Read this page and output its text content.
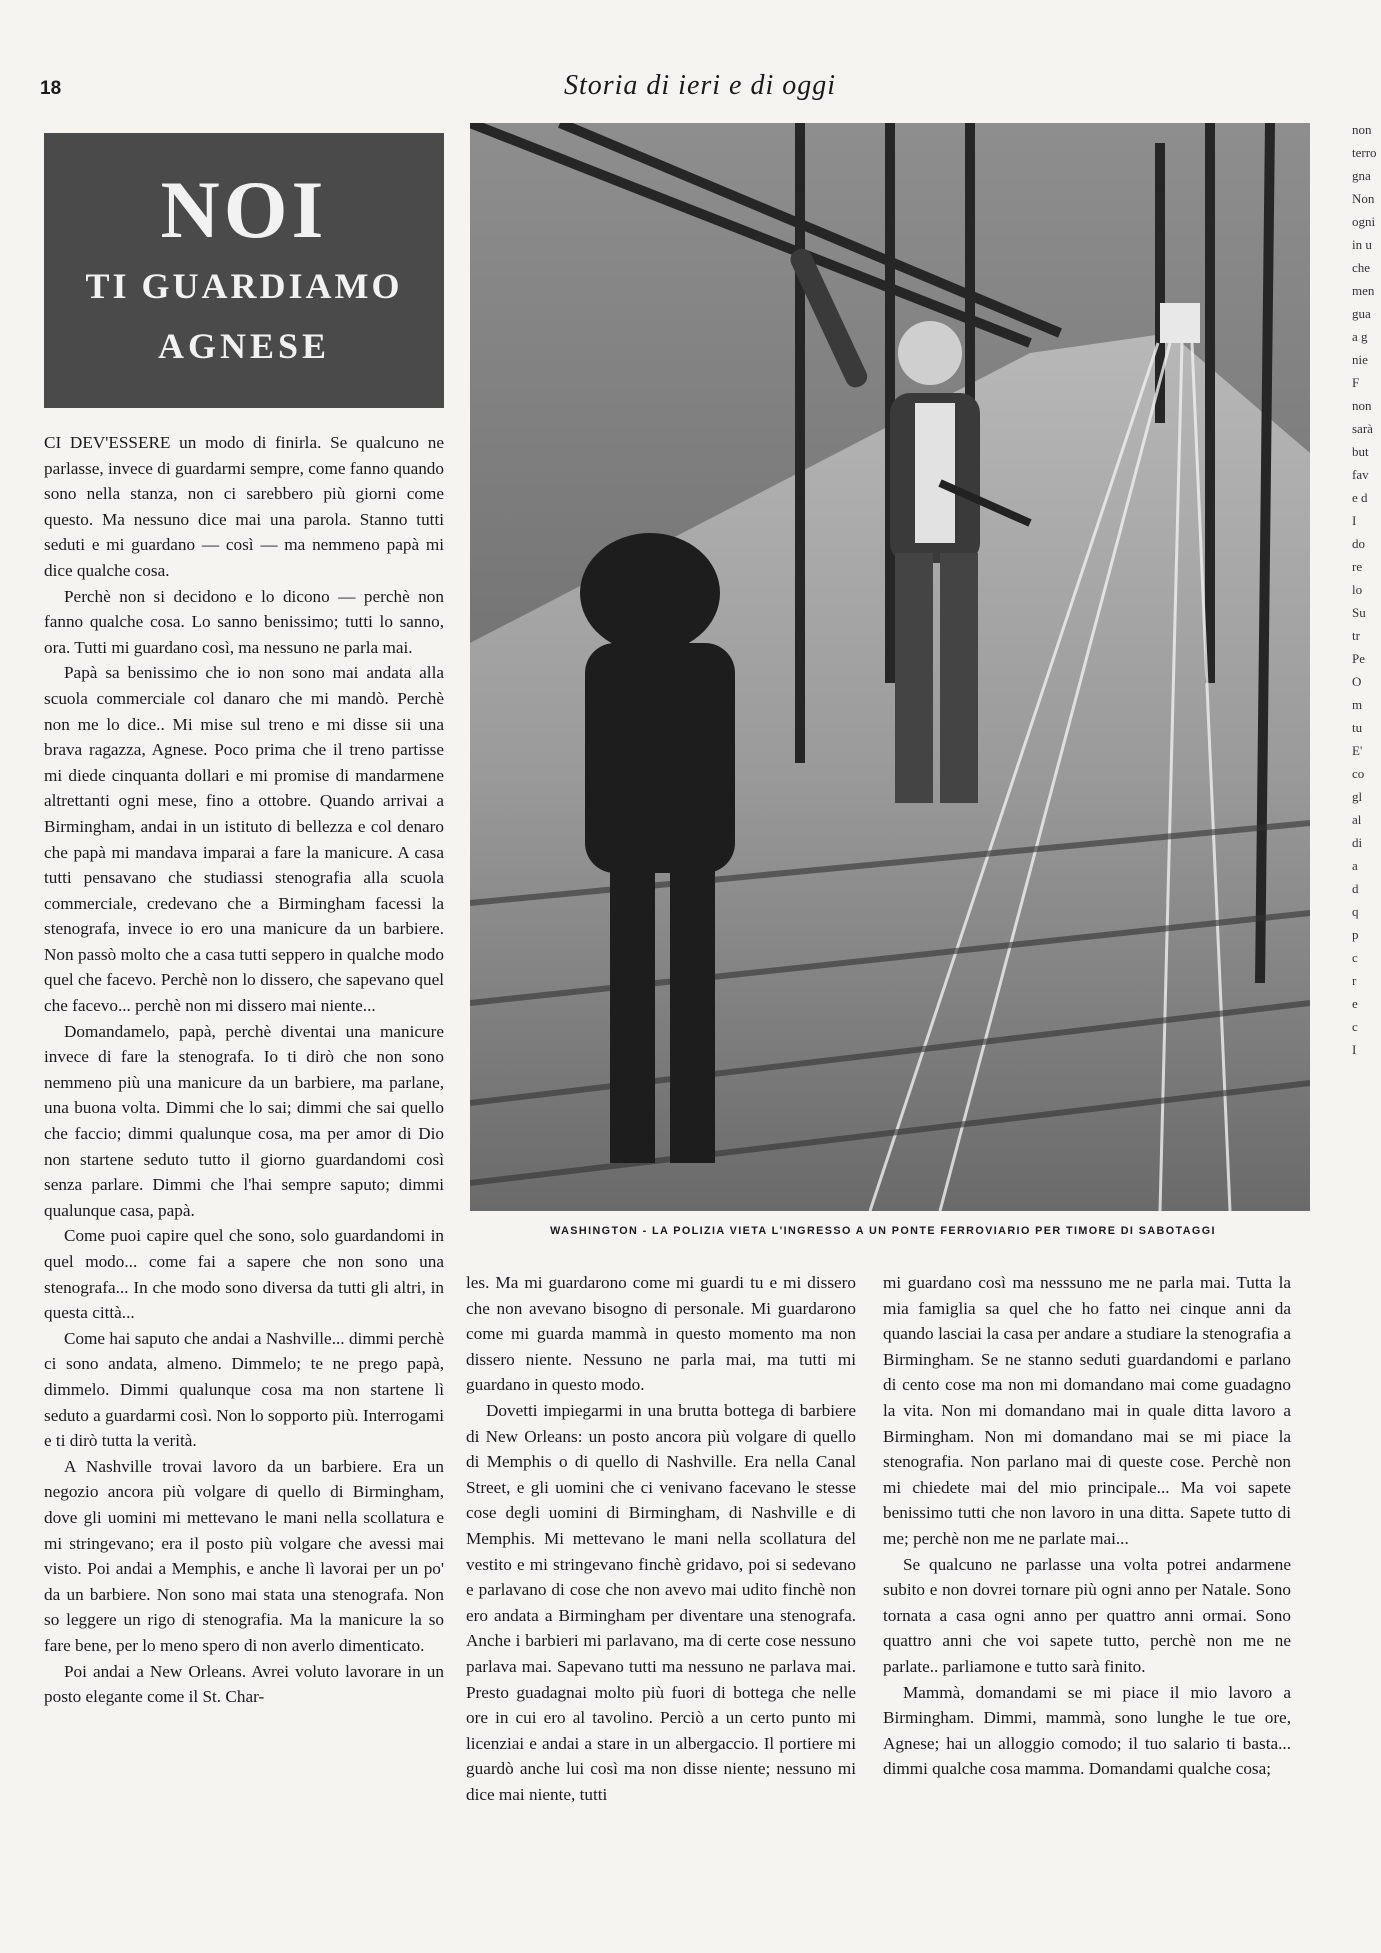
18	Storia di ieri e di oggi
NOI
TI GUARDIAMO
AGNESE

CI DEV'ESSERE un modo di finirla. Se qualcuno ne parlasse, invece di guardarmi sempre, come fanno quando sono nella stanza, non ci sarebbero più giorni come questo. Ma nessuno dice mai una parola. Stanno tutti seduti e mi guardano — così — ma nemmeno papà mi dice qualche cosa.

Perchè non si decidono e lo dicono — perchè non fanno qualche cosa. Lo sanno benissimo; tutti lo sanno, ora. Tutti mi guardano così, ma nessuno ne parla mai.

Papà sa benissimo che io non sono mai andata alla scuola commerciale col danaro che mi mandò. Perchè non me lo dice.. Mi mise sul treno e mi disse sii una brava ragazza, Agnese. Poco prima che il treno partisse mi diede cinquanta dollari e mi promise di mandarmene altrettanti ogni mese, fino a ottobre. Quando arrivai a Birmingham, andai in un istituto di bellezza e col denaro che papà mi mandava imparai a fare la manicure. A casa tutti pensavano che studiassi stenografia alla scuola commerciale, credevano che a Birmingham facessi la stenografa, invece io ero una manicure da un barbiere. Non passò molto che a casa tutti seppero in qualche modo quel che facevo. Perchè non lo dissero, che sapevano quel che facevo... perchè non mi dissero mai niente...

Domandamelo, papà, perchè diventai una manicure invece di fare la stenografa. Io ti dirò che non sono nemmeno più una manicure da un barbiere, ma parlane, una buona volta. Dimmi che lo sai; dimmi che sai quello che faccio; dimmi qualunque cosa, ma per amor di Dio non startene seduto tutto il giorno guardandomi così senza parlare. Dimmi che l'hai sempre saputo; dimmi qualunque casa, papà.

Come puoi capire quel che sono, solo guardandomi in quel modo... come fai a sapere che non sono una stenografa... In che modo sono diversa da tutti gli altri, in questa città...

Come hai saputo che andai a Nashville... dimmi perchè ci sono andata, almeno. Dimmelo; te ne prego papà, dimmelo. Dimmi qualunque cosa ma non startene lì seduto a guardarmi così. Non lo sopporto più. Interrogami e ti dirò tutta la verità.

A Nashville trovai lavoro da un barbiere. Era un negozio ancora più volgare di quello di Birmingham, dove gli uomini mi mettevano le mani nella scollatura e mi stringevano; era il posto più volgare che avessi mai visto. Poi andai a Memphis, e anche lì lavorai per un po' da un barbiere. Non sono mai stata una stenografa. Non so leggere un rigo di stenografia. Ma la manicure la so fare bene, per lo meno spero di non averlo dimenticato.

Poi andai a New Orleans. Avrei voluto lavorare in un posto elegante come il St. Char-

WASHINGTON - LA POLIZIA VIETA L'INGRESSO A UN PONTE FERROVIARIO PER TIMORE DI SABOTAGGI

les. Ma mi guardarono come mi guardi tu e mi dissero che non avevano bisogno di personale. Mi guardarono come mi guarda mammà in questo momento ma non dissero niente. Nessuno ne parla mai, ma tutti mi guardano in questo modo.

Dovetti impiegarmi in una brutta bottega di barbiere di New Orleans: un posto ancora più volgare di quello di Memphis o di quello di Nashville. Era nella Canal Street, e gli uomini che ci venivano facevano le stesse cose degli uomini di Birmingham, di Nashville e di Memphis. Mi mettevano le mani nella scollatura del vestito e mi stringevano finchè gridavo, poi si sedevano e parlavano di cose che non avevo mai udito finchè non ero andata a Birmingham per diventare una stenografa. Anche i barbieri mi parlavano, ma di certe cose nessuno parlava mai. Sapevano tutti ma nessuno ne parlava mai. Presto guadagnai molto più fuori di bottega che nelle ore in cui ero al tavolino. Perciò a un certo punto mi licenziai e andai a stare in un albergaccio. Il portiere mi guardò anche lui così ma non disse niente; nessuno mi dice mai niente, tutti

mi guardano così ma nesssuno me ne parla mai. Tutta la mia famiglia sa quel che ho fatto nei cinque anni da quando lasciai la casa per andare a studiare la stenografia a Birmingham. Se ne stanno seduti guardandomi e parlano di cento cose ma non mi domandano mai come guadagno la vita. Non mi domandano mai in quale ditta lavoro a Birmingham. Non mi domandano mai se mi piace la stenografia. Non parlano mai di queste cose. Perchè non mi chiedete mai del mio principale... Ma voi sapete benissimo tutti che non lavoro in una ditta. Sapete tutto di me; perchè non me ne parlate mai...

Se qualcuno ne parlasse una volta potrei andarmene subito e non dovrei tornare più ogni anno per Natale. Sono tornata a casa ogni anno per quattro anni ormai. Sono quattro anni che voi sapete tutto, perchè non me ne parlate.. parliamone e tutto sarà finito.

Mammà, domandami se mi piace il mio lavoro a Birmingham. Dimmi, mammà, sono lunghe le tue ore, Agnese; hai un alloggio comodo; il tuo salario ti basta... dimmi qualche cosa mamma. Domandami qualche cosa;

non
terro
gna
Non
ogni
in u
che
men
gua
a g
nie
F
non
sarà
but
fav
e d
I
do
re
lo
Su
tr
Pe
O
m
tu
E'
co
gl
al
di
a
d
q
p
c
r
e
c
I
